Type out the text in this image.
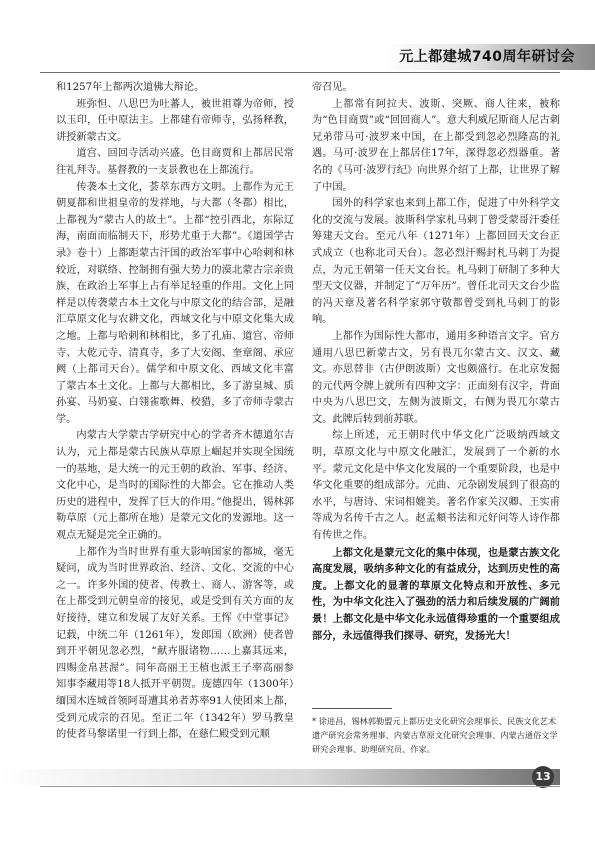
元上都建城740周年研讨会

和1257年上都两次道佛大辩论。

班弥怛、八思巴为吐蕃人，被世祖尊为帝师，授以玉印，任中原法主。上都建有帝师寺，弘扬释教，讲授新蒙古文。

道宫、回回寺活动兴盛。色目商贾和上都居民常往礼拜寺。基督教的一支景教也在上都流行。

传袭本土文化，荟萃东西方文明。上都作为元王朝夏都和世祖皇帝的发祥地，与大都（冬都）相比，上都视为“蒙古人的故土”。上都“控引西北，东际辽海，南面而临制天下，形势尤重于大都”。《道国学古录》卷十）上都距蒙古汗国的政治军事中心哈剌和林较近，对联络、控制拥有强大势力的漠北蒙古宗亲贵族，在政治上军事上占有举足轻重的作用。文化上同样是以传袭蒙古本土文化与中原文化的结合部，是融汇草原文化与农耕文化，西域文化与中原文化集大成之地。上都与哈剌和林相比，多了孔庙、道宫、帝师寺、大乾元寺、清真寺，多了大安阁、奎章阁、承应阙（上都司天台）。儒学和中原文化、西域文化丰富了蒙古本土文化。上都与大都相比，多了游皇城、质孙宴、马奶宴、白翎雀歌舞、校猎，多了帝师寺蒙古学。

内蒙古大学蒙古学研究中心的学者齐木德道尔吉认为，元上都是蒙古民族从草原上崛起并实现全国统一的基地，是大统一的元王朝的政治、军事、经济、文化中心，是当时的国际性的大都会。它在推动人类历史的进程中，发挥了巨大的作用。”他提出，锡林郭勒草原（元上都所在地）是蒙元文化的发源地。这一观点无疑是完全正确的。

上都作为当时世界有重大影响国家的都城，毫无疑问，成为当时世界政治、经济、文化、交流的中心之一。许多外国的使者、传教士、商人、游客等，或在上都受到元朝皇帝的接见，或是受到有关方面的友好接待，建立和发展了友好关系。王恽《中堂事记》记载，中统二年（1261年），发郎国（欧洲）使者曾到开平朝见忽必烈，“献卉服诸物……上嘉其远来，四赐金帛甚渥”。同年高丽王王植也派王子率高丽参知事李藏用等18人抵开平朝贺。庞德四年（1300年）缅国木连城首领阿哥遭其弟者苏率91人使团来上都，受到元成宗的召见。至正二年（1342年）罗马教皇的使者马黎诺里一行到上都，在慈仁殿受到元顺

帝召见。

上都常有阿拉夫、波斯、突厥、商人往来，被称为“色目商贾”或“回回商人”。意大利威尼斯商人尼古刺兄弟带马可·波罗来中国，在上都受到忽必烈隆高的礼遇。马可·波罗在上都居住17年，深得忽必烈器重。著名的《马可·波罗行纪》向世界介绍了上都，让世界了解了中国。

国外的科学家也来到上都工作，促进了中外科学文化的交流与发展。波斯科学家札马剌丁曾受蒙哥汗委任筹建天文台。至元八年（1271年）上都回回天文台正式成立（也称北司天台）。忽必烈汗赐封札马剌丁为提点，为元王朝第一任天文台长。札马剌丁研制了多种大型天文仪器，并制定了“万年历”。曾任北司天文台少监的冯天章及著名科学家郭守敬都曾受到札马剌丁的影响。

上都作为国际性大都市，通用多种语言文字。官方通用八思巴新蒙古文，另有畏兀尔蒙古文、汉文、藏文。亦思替非（古伊朗波斯）文也颇盛行。在北京发掘的元代两令牌上就所有四种文字：正面刻有汉字，背面中央为八思巴文，左侧为波斯文，右侧为畏兀尔蒙古文。此牌后转到前苏联。

综上所述，元王朝时代中华文化广泛吸纳西域文明，草原文化与中原文化融汇，发展到了一个新的水平。蒙元文化是中华文化发展的一个重要阶段，也是中华文化重要的组成部分。元曲、元杂剧发展到了很高的水平，与唐诗、宋词相媲美。著名作家关汉卿、王实甫等成为名传千古之人。赵孟頫书法和元好问等人诗作都有传世之作。

上都文化是蒙元文化的集中体现，也是蒙古族文化高度发展，吸纳多种文化的有益成分，达到历史性的高度。上都文化的显著的草原文化特点和开放性、多元性，为中华文化注入了强劲的活力和后续发展的广阔前景！上都文化是中华文化永远值得珍重的一个重要组成部分，永远值得我们探寻、研究，发扬光大！

* 徐进昌，锡林郭勒盟元上都历史文化研究会理事长、民族文化艺术遗产研究会常务理事、内蒙古草原文化研究会理事、内蒙古通俗文学研究会理事、助理研究员、作家。
13
